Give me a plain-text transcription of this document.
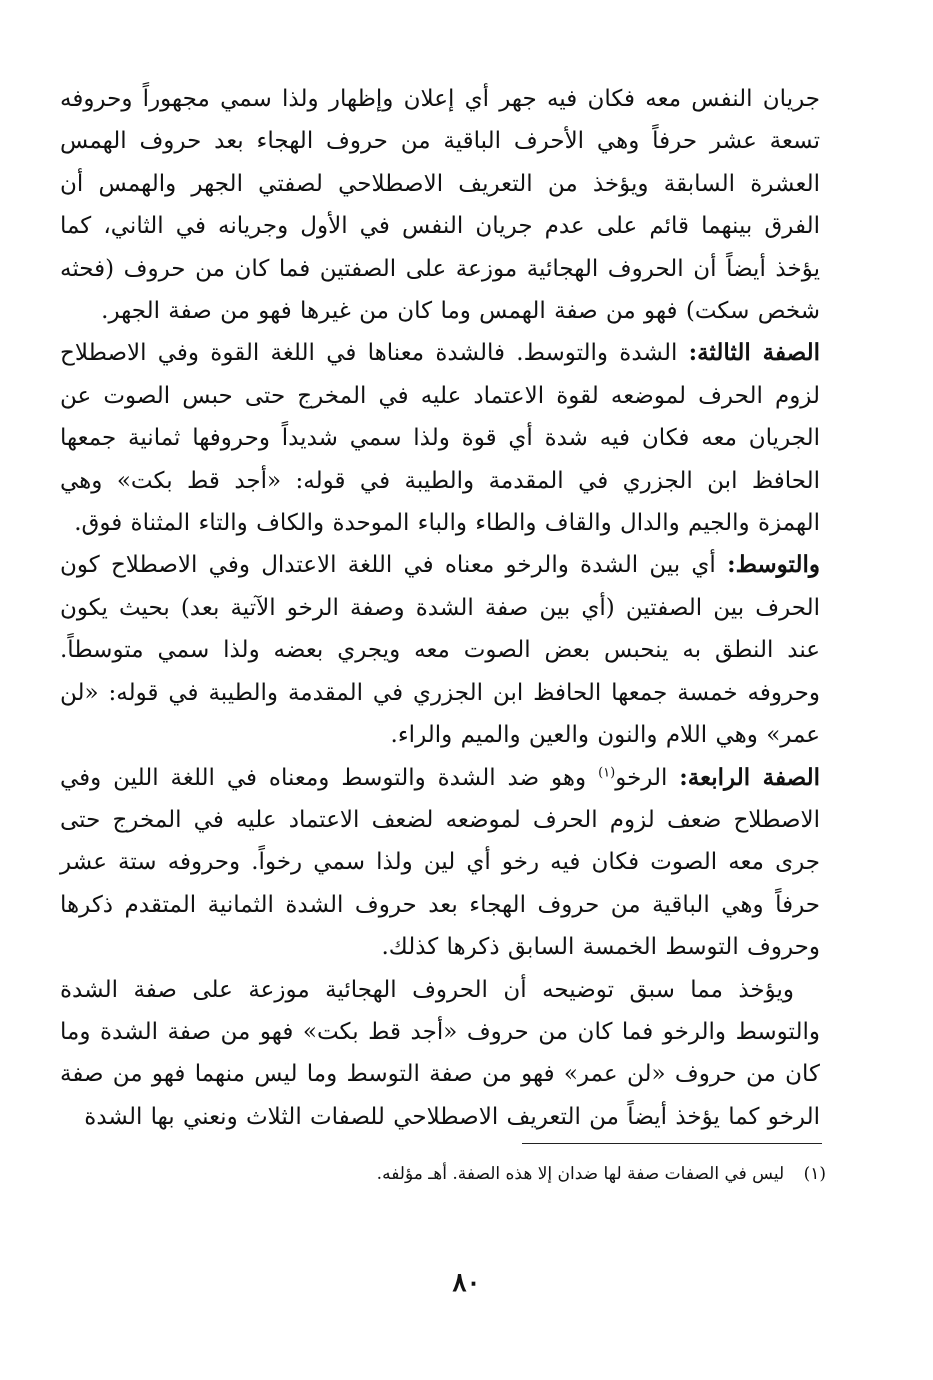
جريان النفس معه فكان فيه جهر أي إعلان وإظهار ولذا سمي مجهوراً وحروفه تسعة عشر حرفاً وهي الأحرف الباقية من حروف الهجاء بعد حروف الهمس العشرة السابقة ويؤخذ من التعريف الاصطلاحي لصفتي الجهر والهمس أن الفرق بينهما قائم على عدم جريان النفس في الأول وجريانه في الثاني، كما يؤخذ أيضاً أن الحروف الهجائية موزعة على الصفتين فما كان من حروف (فحثه شخص سكت) فهو من صفة الهمس وما كان من غيرها فهو من صفة الجهر.

الصفة الثالثة: الشدة والتوسط. فالشدة معناها في اللغة القوة وفي الاصطلاح لزوم الحرف لموضعه لقوة الاعتماد عليه في المخرج حتى حبس الصوت عن الجريان معه فكان فيه شدة أي قوة ولذا سمي شديداً وحروفها ثمانية جمعها الحافظ ابن الجزري في المقدمة والطيبة في قوله: «أجد قط بكت» وهي الهمزة والجيم والدال والقاف والطاء والباء الموحدة والكاف والتاء المثناة فوق.

والتوسط: أي بين الشدة والرخو معناه في اللغة الاعتدال وفي الاصطلاح كون الحرف بين الصفتين (أي بين صفة الشدة وصفة الرخو الآتية بعد) بحيث يكون عند النطق به ينحبس بعض الصوت معه ويجري بعضه ولذا سمي متوسطاً. وحروفه خمسة جمعها الحافظ ابن الجزري في المقدمة والطيبة في قوله: «لن عمر» وهي اللام والنون والعين والميم والراء.

الصفة الرابعة: الرخو$^{(١)}$ وهو ضد الشدة والتوسط ومعناه في اللغة اللين وفي الاصطلاح ضعف لزوم الحرف لموضعه لضعف الاعتماد عليه في المخرج حتى جرى معه الصوت فكان فيه رخو أي لين ولذا سمي رخواً. وحروفه ستة عشر حرفاً وهي الباقية من حروف الهجاء بعد حروف الشدة الثمانية المتقدم ذكرها وحروف التوسط الخمسة السابق ذكرها كذلك.

ويؤخذ مما سبق توضيحه أن الحروف الهجائية موزعة على صفة الشدة والتوسط والرخو فما كان من حروف «أجد قط بكت» فهو من صفة الشدة وما كان من حروف «لن عمر» فهو من صفة التوسط وما ليس منهما فهو من صفة الرخو كما يؤخذ أيضاً من التعريف الاصطلاحي للصفات الثلاث ونعني بها الشدة

(١) ليس في الصفات صفة لها ضدان إلا هذه الصفة. أهـ مؤلفه.
٨٠
